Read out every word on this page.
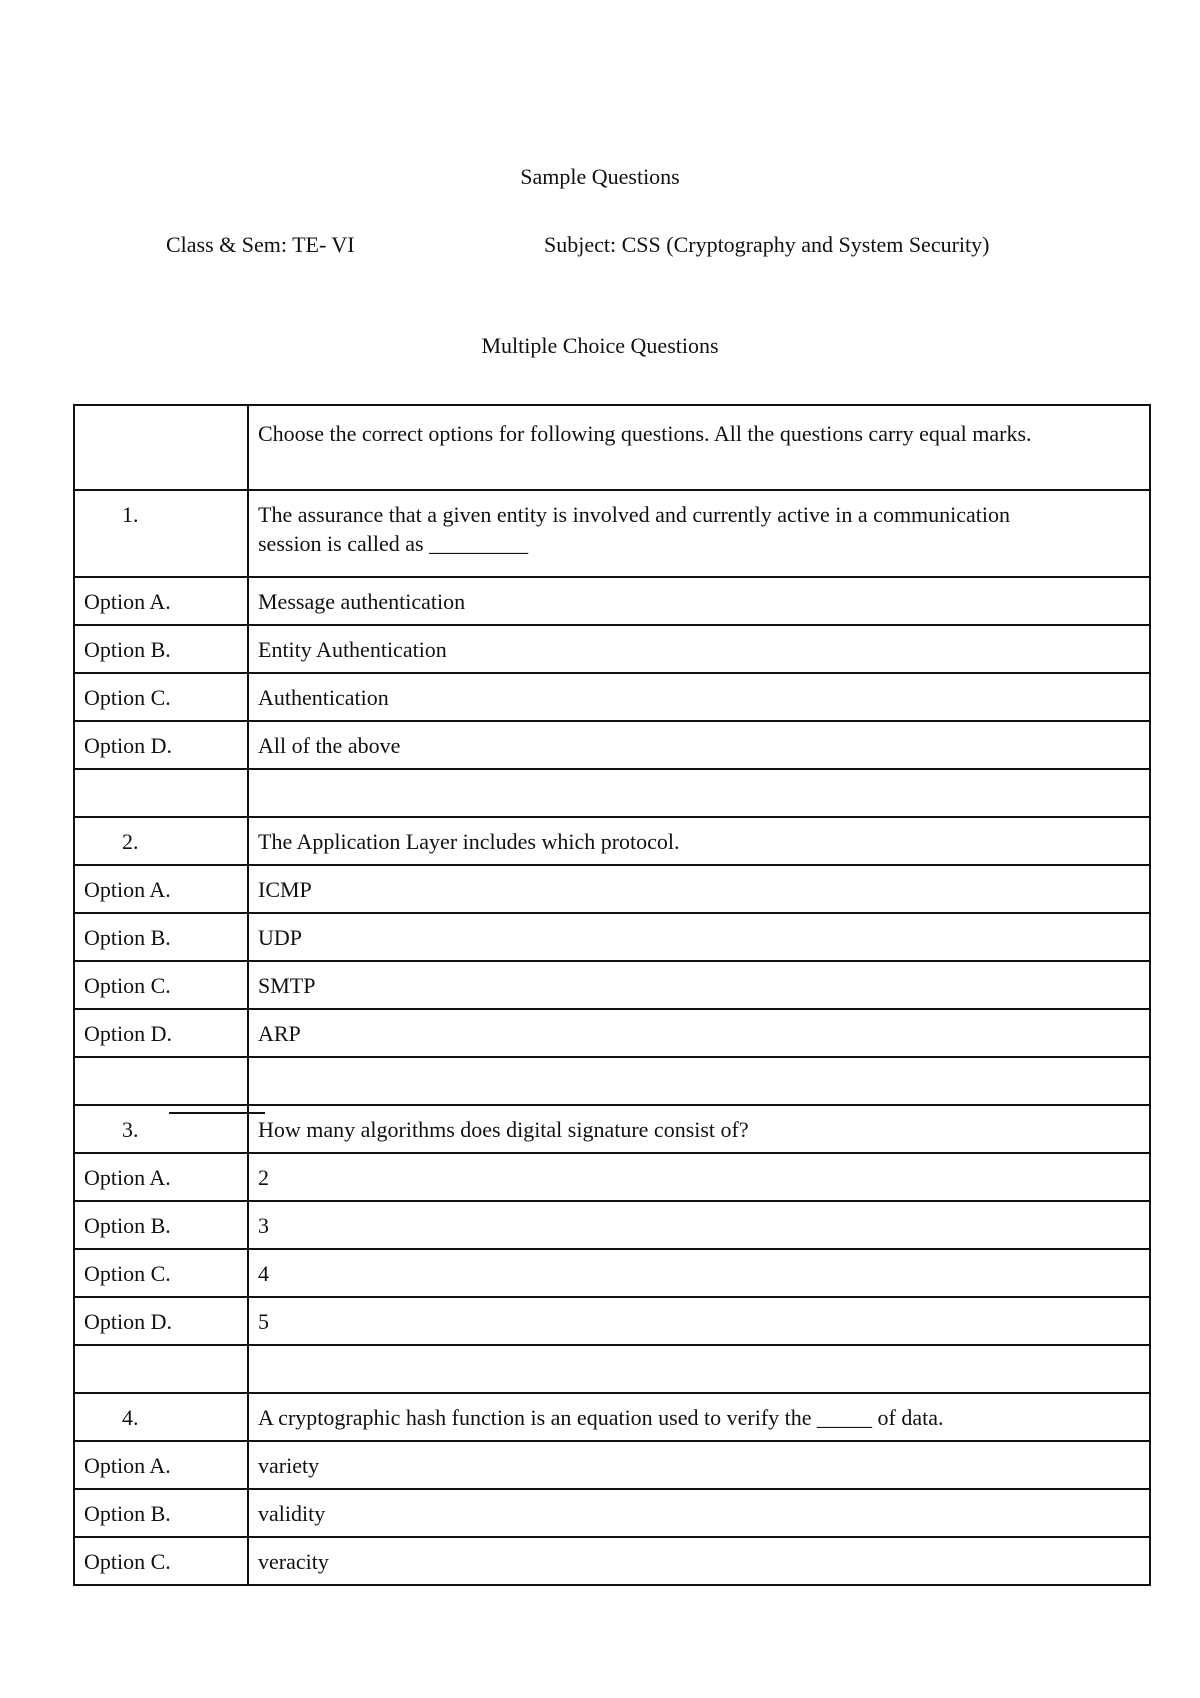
Sample Questions
Class & Sem: TE- VI	Subject: CSS (Cryptography and System Security)
Multiple Choice Questions
	Choose the correct options for following questions. All the questions carry equal marks.
1.	The assurance that a given entity is involved and currently active in a communication
session is called as _________

Option A.	Message authentication
Option B.	Entity Authentication
Option C.	Authentication
Option D.	All of the above

2.	The Application Layer includes which protocol.
Option A.	ICMP
Option B.	UDP
Option C.	SMTP
Option D.	ARP

3.	How many algorithms does digital signature consist of?
Option A.	2
Option B.	3
Option C.	4
Option D.	5

4.	A cryptographic hash function is an equation used to verify the _____ of data.
Option A.	variety
Option B.	validity
Option C.	veracity
